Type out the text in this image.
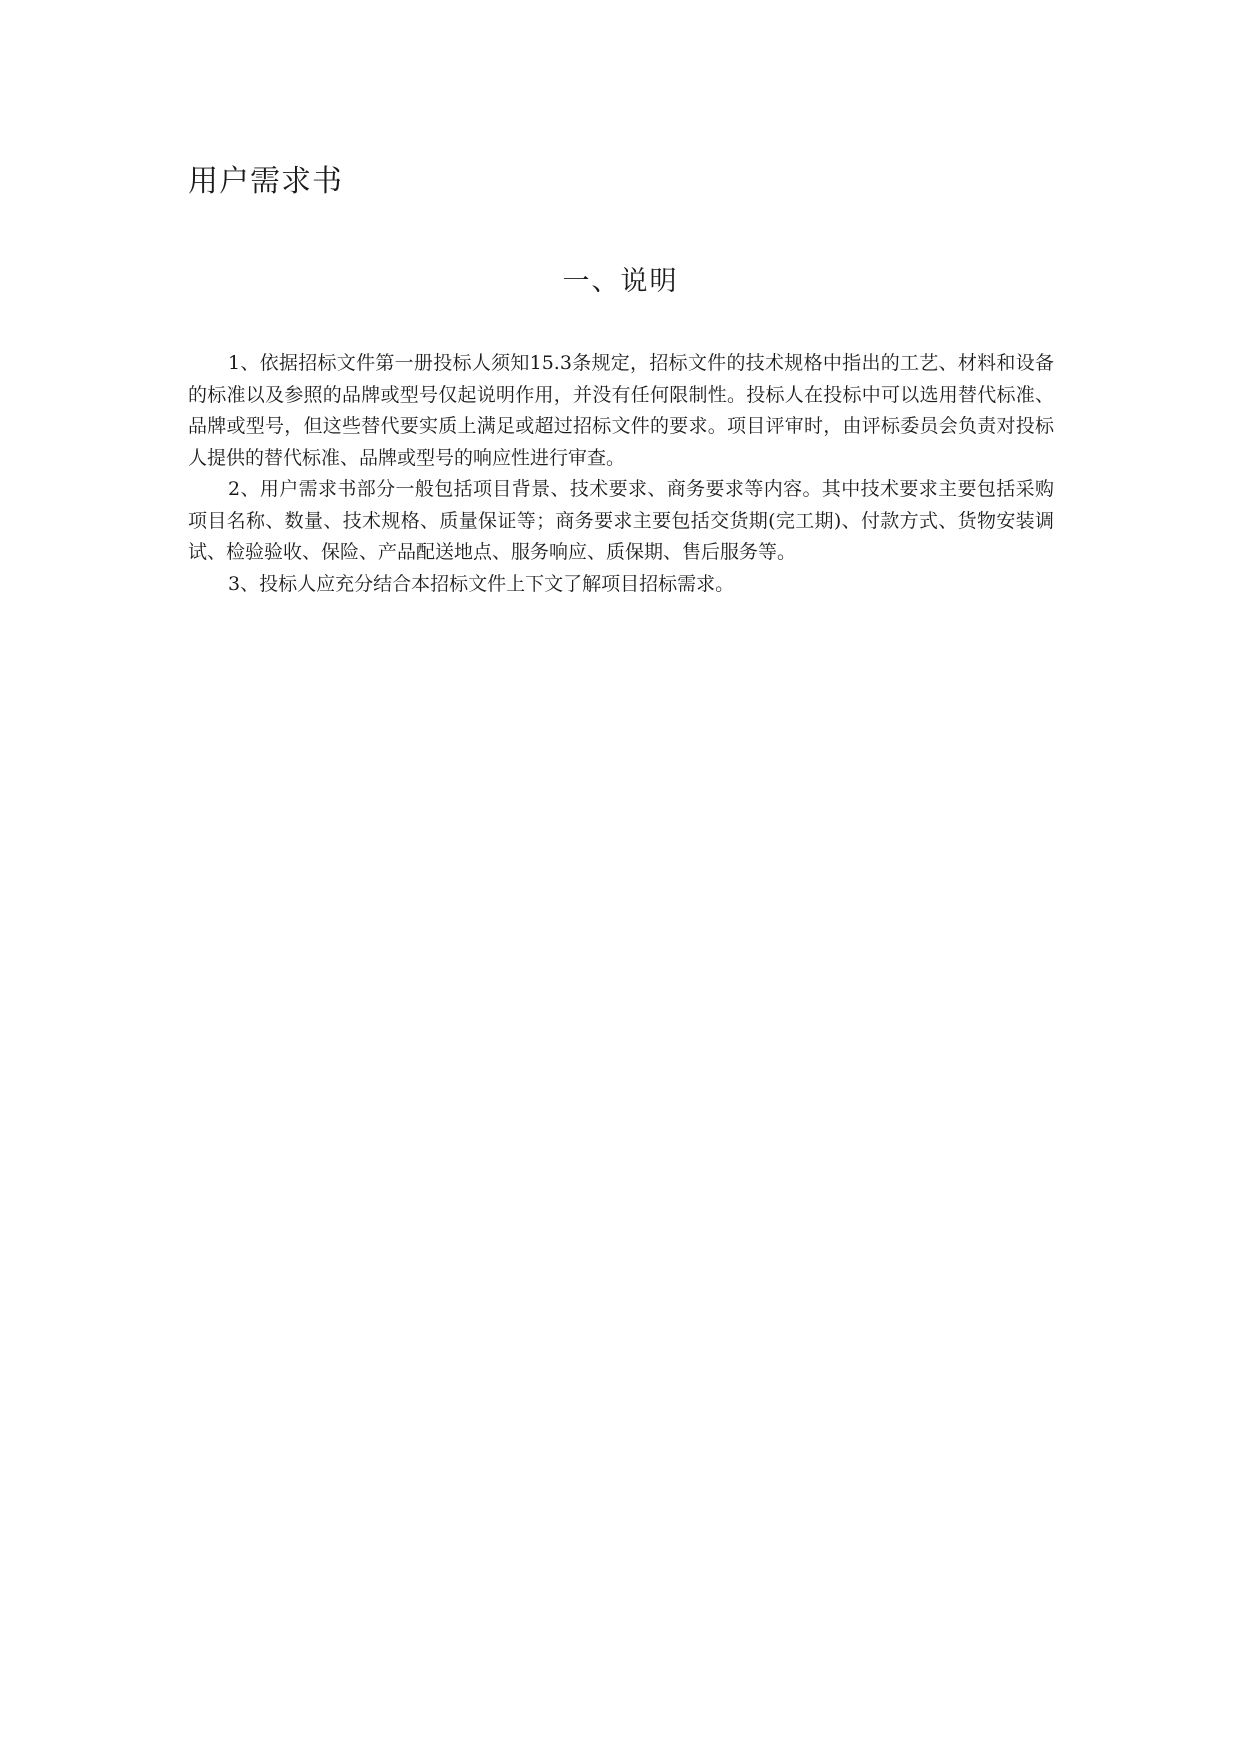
用户需求书
一、说明

1、依据招标文件第一册投标人须知15.3条规定，招标文件的技术规格中指出的工艺、材料和设备的标准以及参照的品牌或型号仅起说明作用，并没有任何限制性。投标人在投标中可以选用替代标准、品牌或型号，但这些替代要实质上满足或超过招标文件的要求。项目评审时，由评标委员会负责对投标人提供的替代标准、品牌或型号的响应性进行审查。

2、用户需求书部分一般包括项目背景、技术要求、商务要求等内容。其中技术要求主要包括采购项目名称、数量、技术规格、质量保证等；商务要求主要包括交货期(完工期)、付款方式、货物安装调试、检验验收、保险、产品配送地点、服务响应、质保期、售后服务等。

3、投标人应充分结合本招标文件上下文了解项目招标需求。
